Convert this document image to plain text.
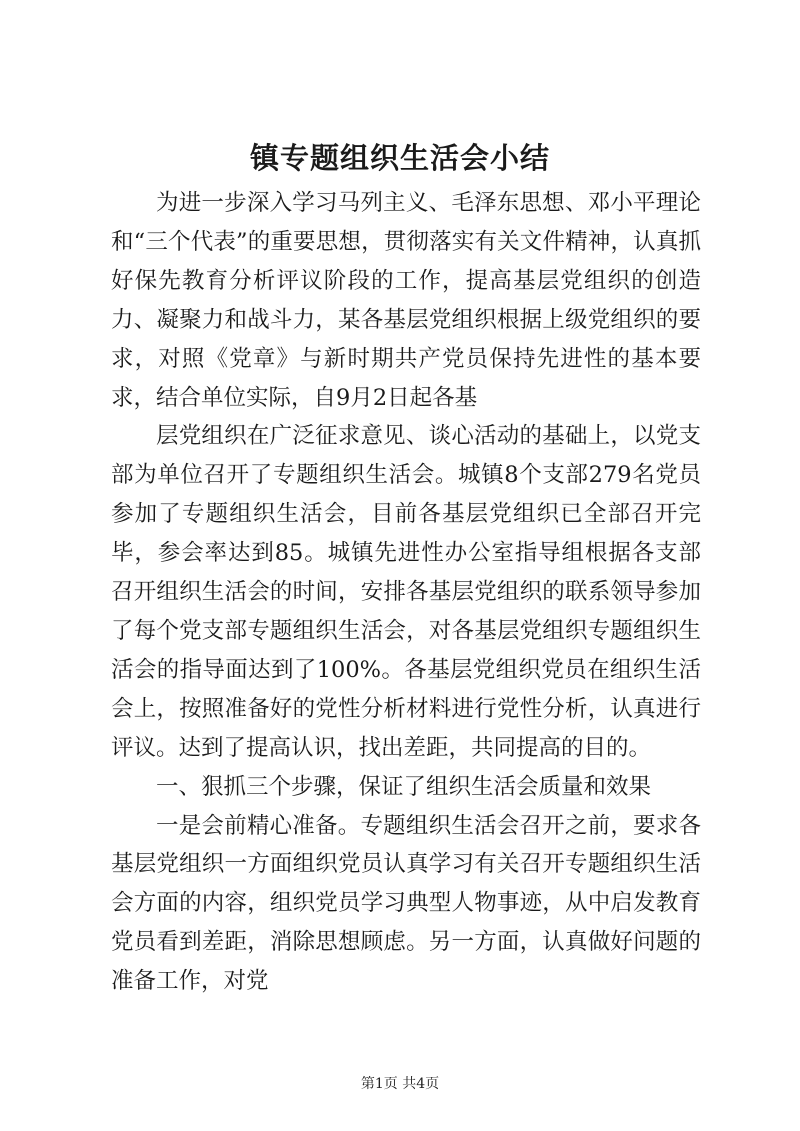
镇专题组织生活会小结

为进一步深入学习马列主义、毛泽东思想、邓小平理论和“三个代表”的重要思想，贯彻落实有关文件精神，认真抓好保先教育分析评议阶段的工作，提高基层党组织的创造力、凝聚力和战斗力，某各基层党组织根据上级党组织的要求，对照《党章》与新时期共产党员保持先进性的基本要求，结合单位实际，自9月2日起各基

层党组织在广泛征求意见、谈心活动的基础上，以党支部为单位召开了专题组织生活会。城镇8个支部279名党员参加了专题组织生活会，目前各基层党组织已全部召开完毕，参会率达到85。城镇先进性办公室指导组根据各支部召开组织生活会的时间，安排各基层党组织的联系领导参加了每个党支部专题组织生活会，对各基层党组织专题组织生活会的指导面达到了100%。各基层党组织党员在组织生活会上，按照准备好的党性分析材料进行党性分析，认真进行评议。达到了提高认识，找出差距，共同提高的目的。

一、狠抓三个步骤，保证了组织生活会质量和效果

一是会前精心准备。专题组织生活会召开之前，要求各基层党组织一方面组织党员认真学习有关召开专题组织生活会方面的内容，组织党员学习典型人物事迹，从中启发教育党员看到差距，消除思想顾虑。另一方面，认真做好问题的准备工作，对党

第1页 共4页
